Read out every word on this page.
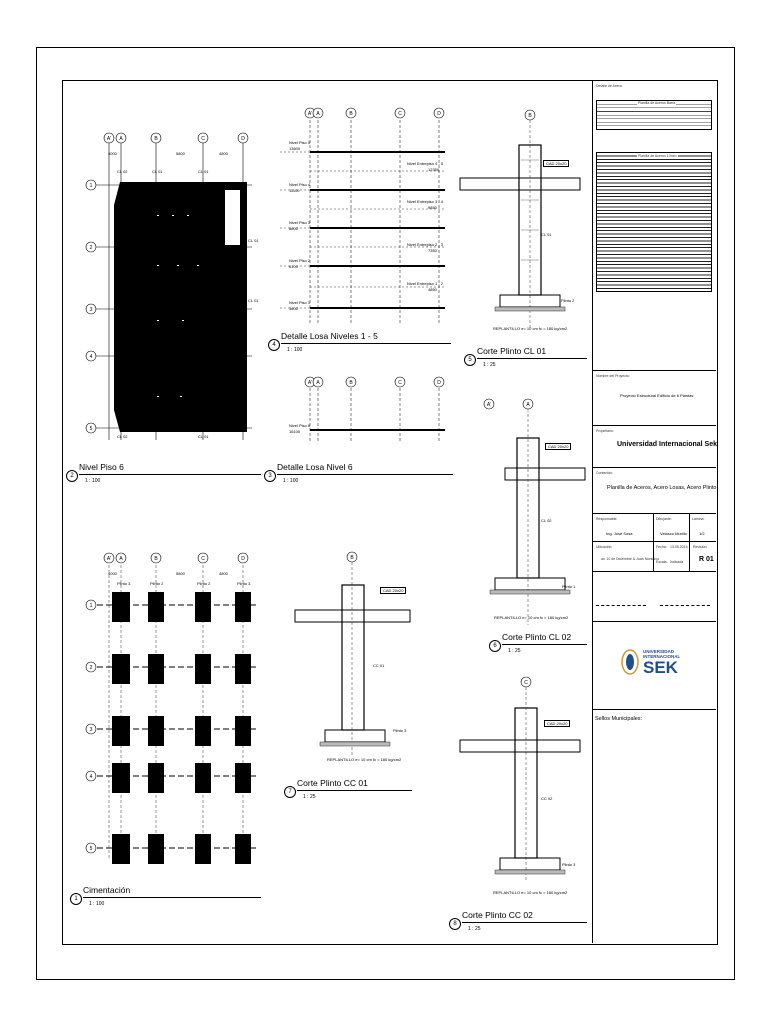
A' A	B	C	D
1
2
3
4
5
4000	5800	4800
CL 02	CL 01	CL 01
CL 01
CL 01
CL 02	CL 01
2
Nivel Piso 6
1 : 100
A' A	B	C	D
Nivel Piso 5
13600
Nivel Piso 4
11100
Nivel Piso 3
8600
Nivel Piso 2
6100
Nivel Piso 1
3600
Nivel Entrepiso 4 - 5
12350
Nivel Entrepiso 3 - 4
9850
Nivel Entrepiso 2 - 3
7350
Nivel Entrepiso 1 - 2
4850
4
Detalle Losa Niveles 1 - 5
1 : 100
A' A	B	C	D
Nivel Piso 6
16100
3
Detalle Losa Nivel 6
1 : 100
B
CAD 20x20
CL 01
Plinto 2
REPLANTILLO e= 10 cm fc = 180 kg/cm2
5
Corte Plinto CL 01
1 : 25
A'	A
CAD 20x20
CL 02
Plinto 1
REPLANTILLO e= 10 cm fc = 180 kg/cm2
6
Corte Plinto CL 02
1 : 25
A' A	B	C	D
1
2
3
4
5
4000	5800	4800
Plinto 3	Plinto 2	Plinto 2	Plinto 3
1
Cimentación
1 : 100
B
CAD 20x20
CC 01
Plinto 3
REPLANTILLO e= 10 cm fc = 180 kg/cm2
7
Corte Plinto CC 01
1 : 25
C
CAD 20x20
CC 02
Plinto 3
REPLANTILLO e= 10 cm fc = 180 kg/cm2
8
Corte Plinto CC 02
1 : 25
Detalle de Acero:
Planilla de Aceros Barra
Planilla de Aceros 10mm
Nombre del Proyecto:
Proyecto Estructural Edificio de 6 Plantas
Propietario:
Universidad Internacional Sek
Contenido:
Planilla de Aceros, Acero Losas, Acero Plinto
Responsable:
Ing. José Sosa
Dibujante:
Velasco Murillo
Lámina:
1/2
Ubicación:
av. 10 de Diciembre & Juan Montalvo
Fecha: 13.05.2016
Escala: Indicada
Revisión:
R 01
UNIVERSIDAD
INTERNACIONAL
SEK
Sellos Municipales:
